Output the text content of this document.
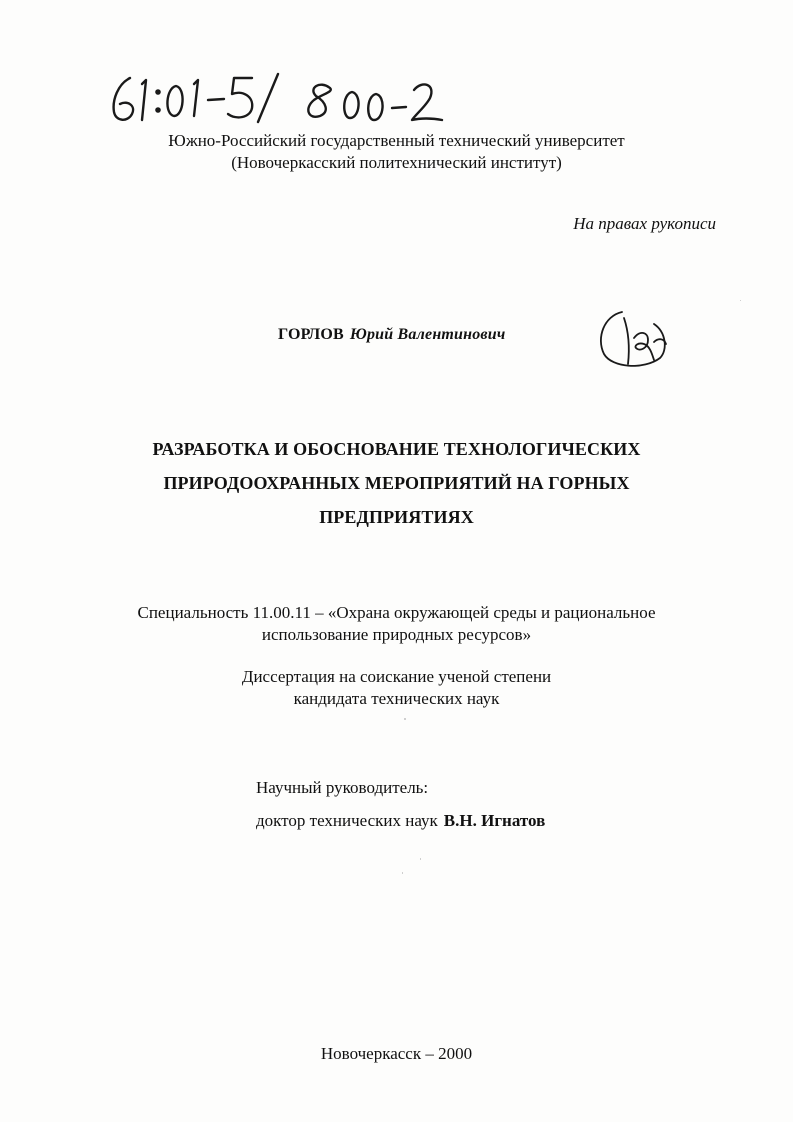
Южно-Российский государственный технический университет
(Новочеркасский политехнический институт)
На правах рукописи
ГОРЛОВ Юрий Валентинович
РАЗРАБОТКА И ОБОСНОВАНИЕ ТЕХНОЛОГИЧЕСКИХ
ПРИРОДООХРАННЫХ МЕРОПРИЯТИЙ НА ГОРНЫХ
ПРЕДПРИЯТИЯХ
Специальность 11.00.11 – «Охрана окружающей среды и рациональное
использование природных ресурсов»
Диссертация на соискание ученой степени
кандидата технических наук
Научный руководитель:
доктор технических наук В.Н. Игнатов
Новочеркасск – 2000
